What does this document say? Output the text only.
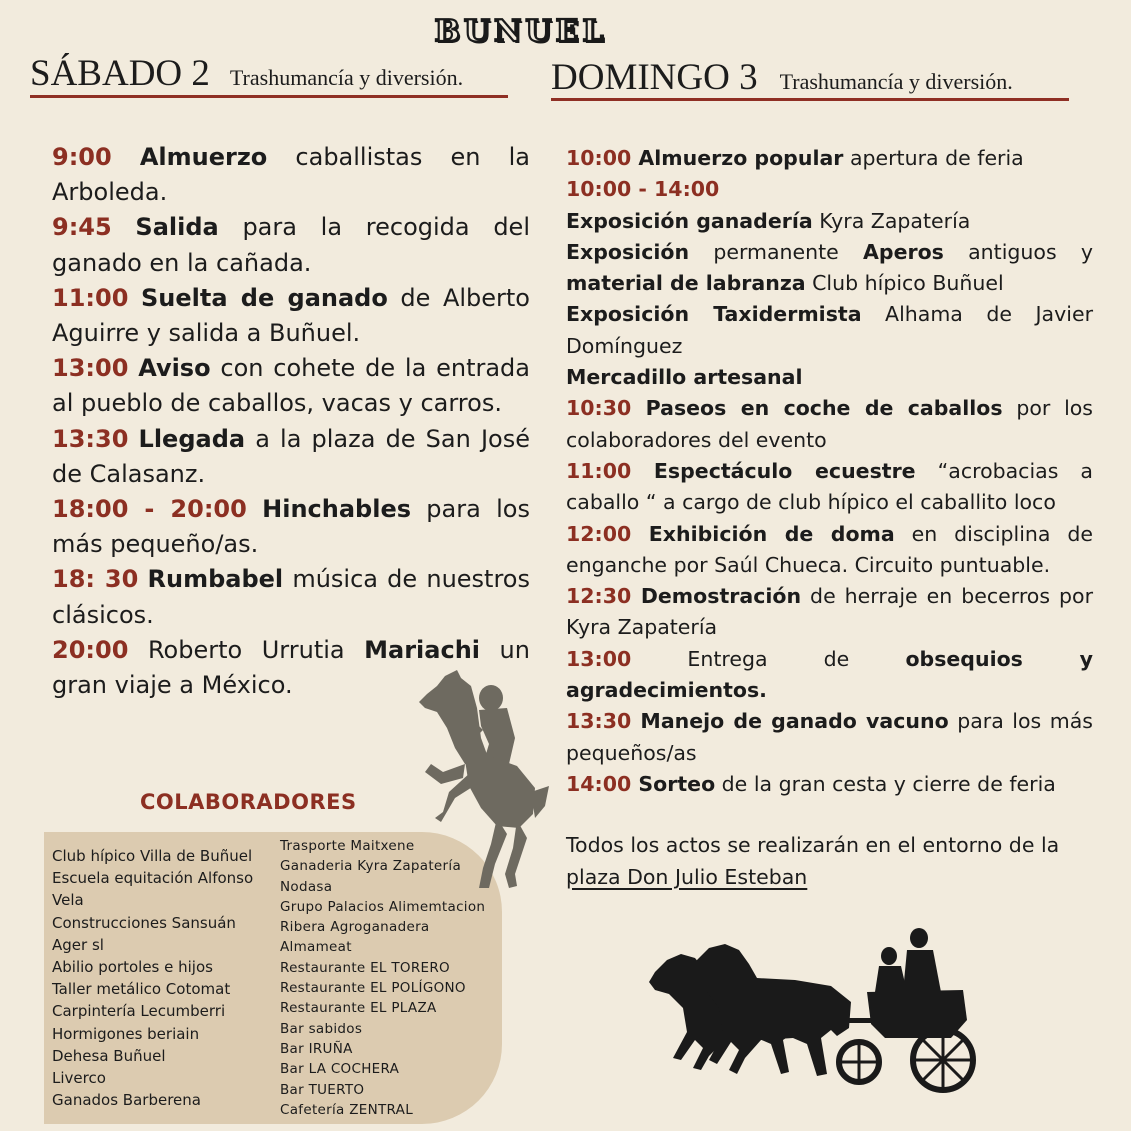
BUNUEL
SÁBADO 2 Trashumancía y diversión. DOMINGO 3 Trashumancía y diversión.

9:00 Almuerzo caballistas en la Arboleda.

9:45 Salida para la recogida del ganado en la cañada.

11:00 Suelta de ganado de Alberto Aguirre y salida a Buñuel.

13:00 Aviso con cohete de la entrada al pueblo de caballos, vacas y carros.

13:30 Llegada a la plaza de San José de Calasanz.

18:00 - 20:00 Hinchables para los más pequeño/as.

18: 30 Rumbabel música de nuestros clásicos.

20:00 Roberto Urrutia Mariachi un gran viaje a México.

10:00 Almuerzo popular apertura de feria

10:00 - 14:00

Exposición ganadería Kyra Zapatería

Exposición permanente Aperos antiguos y material de labranza Club hípico Buñuel

Exposición Taxidermista Alhama de Javier Domínguez

Mercadillo artesanal

10:30 Paseos en coche de caballos por los colaboradores del evento

11:00 Espectáculo ecuestre “acrobacias a caballo “ a cargo de club hípico el caballito loco

12:00 Exhibición de doma en disciplina de enganche por Saúl Chueca. Circuito puntuable.

12:30 Demostración de herraje en becerros por Kyra Zapatería

13:00 Entrega de obsequios y agradecimientos.

13:30 Manejo de ganado vacuno para los más pequeños/as

14:00 Sorteo de la gran cesta y cierre de feria

Todos los actos se realizarán en el entorno de la plaza Don Julio Esteban
COLABORADORES
Club hípico Villa de Buñuel
Escuela equitación Alfonso
Vela
Construcciones Sansuán
Ager sl
Abilio portoles e hijos
Taller metálico Cotomat
Carpintería Lecumberri
Hormigones beriain
Dehesa Buñuel
Liverco
Ganados Barberena
Trasporte Maitxene
Ganaderia Kyra Zapatería
Nodasa
Grupo Palacios Alimemtacion
Ribera Agroganadera
Almameat
Restaurante EL TORERO
Restaurante EL POLÍGONO
Restaurante EL PLAZA
Bar sabidos
Bar IRUÑA
Bar LA COCHERA
Bar TUERTO
Cafetería ZENTRAL
